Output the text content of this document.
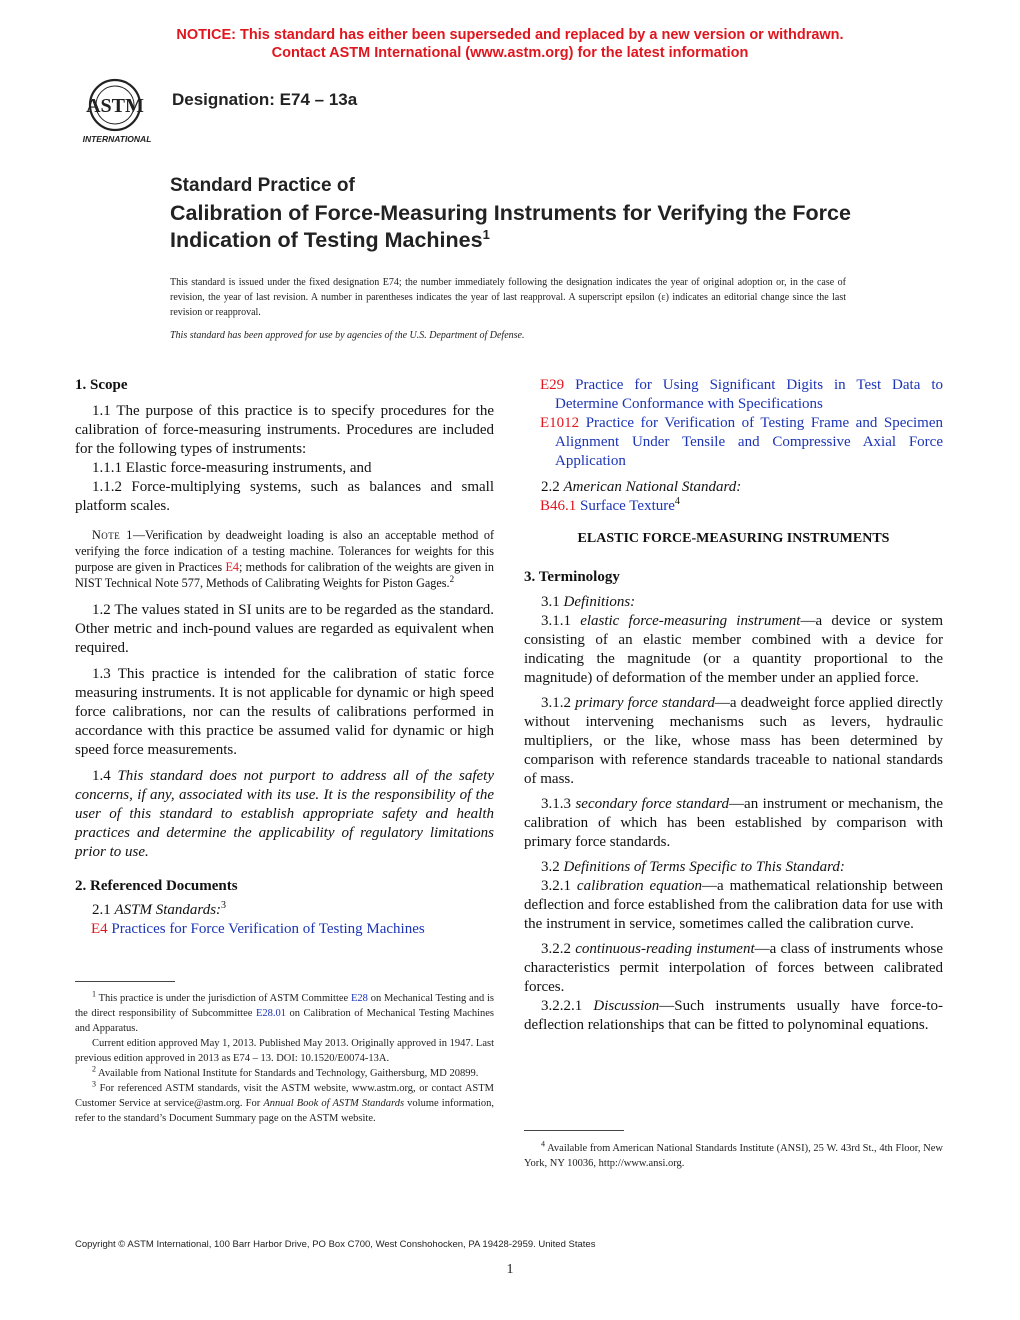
NOTICE: This standard has either been superseded and replaced by a new version or withdrawn.
Contact ASTM International (www.astm.org) for the latest information
ASTM
INTERNATIONAL
Designation: E74 – 13a
Standard Practice of
Calibration of Force-Measuring Instruments for Verifying the Force Indication of Testing Machines$^1$
This standard is issued under the fixed designation E74; the number immediately following the designation indicates the year of original adoption or, in the case of revision, the year of last revision. A number in parentheses indicates the year of last reapproval. A superscript epsilon (ε) indicates an editorial change since the last revision or reapproval.
This standard has been approved for use by agencies of the U.S. Department of Defense.

1. Scope

1.1 The purpose of this practice is to specify procedures for the calibration of force-measuring instruments. Procedures are included for the following types of instruments:

1.1.1 Elastic force-measuring instruments, and

1.1.2 Force-multiplying systems, such as balances and small platform scales.

Note 1—Verification by deadweight loading is also an acceptable method of verifying the force indication of a testing machine. Tolerances for weights for this purpose are given in Practices E4; methods for calibration of the weights are given in NIST Technical Note 577, Methods of Calibrating Weights for Piston Gages.$^2$

1.2 The values stated in SI units are to be regarded as the standard. Other metric and inch-pound values are regarded as equivalent when required.

1.3 This practice is intended for the calibration of static force measuring instruments. It is not applicable for dynamic or high speed force calibrations, nor can the results of calibrations performed in accordance with this practice be assumed valid for dynamic or high speed force measurements.

1.4 This standard does not purport to address all of the safety concerns, if any, associated with its use. It is the responsibility of the user of this standard to establish appropriate safety and health practices and determine the applicability of regulatory limitations prior to use.

2. Referenced Documents

2.1 ASTM Standards:$^3$

E4 Practices for Force Verification of Testing Machines

$^1$ This practice is under the jurisdiction of ASTM Committee E28 on Mechanical Testing and is the direct responsibility of Subcommittee E28.01 on Calibration of Mechanical Testing Machines and Apparatus.

Current edition approved May 1, 2013. Published May 2013. Originally approved in 1947. Last previous edition approved in 2013 as E74 – 13. DOI: 10.1520/E0074-13A.

$^2$ Available from National Institute for Standards and Technology, Gaithersburg, MD 20899.

$^3$ For referenced ASTM standards, visit the ASTM website, www.astm.org, or contact ASTM Customer Service at service@astm.org. For Annual Book of ASTM Standards volume information, refer to the standard’s Document Summary page on the ASTM website.

E29 Practice for Using Significant Digits in Test Data to Determine Conformance with Specifications

E1012 Practice for Verification of Testing Frame and Specimen Alignment Under Tensile and Compressive Axial Force Application

2.2 American National Standard:

B46.1 Surface Texture$^4$

ELASTIC FORCE-MEASURING INSTRUMENTS

3. Terminology

3.1 Definitions:

3.1.1 elastic force-measuring instrument—a device or system consisting of an elastic member combined with a device for indicating the magnitude (or a quantity proportional to the magnitude) of deformation of the member under an applied force.

3.1.2 primary force standard—a deadweight force applied directly without intervening mechanisms such as levers, hydraulic multipliers, or the like, whose mass has been determined by comparison with reference standards traceable to national standards of mass.

3.1.3 secondary force standard—an instrument or mechanism, the calibration of which has been established by comparison with primary force standards.

3.2 Definitions of Terms Specific to This Standard:

3.2.1 calibration equation—a mathematical relationship between deflection and force established from the calibration data for use with the instrument in service, sometimes called the calibration curve.

3.2.2 continuous-reading instument—a class of instruments whose characteristics permit interpolation of forces between calibrated forces.

3.2.2.1 Discussion—Such instruments usually have force-to-deflection relationships that can be fitted to polynominal equations.

$^4$ Available from American National Standards Institute (ANSI), 25 W. 43rd St., 4th Floor, New York, NY 10036, http://www.ansi.org.

Copyright © ASTM International, 100 Barr Harbor Drive, PO Box C700, West Conshohocken, PA 19428-2959. United States
1
